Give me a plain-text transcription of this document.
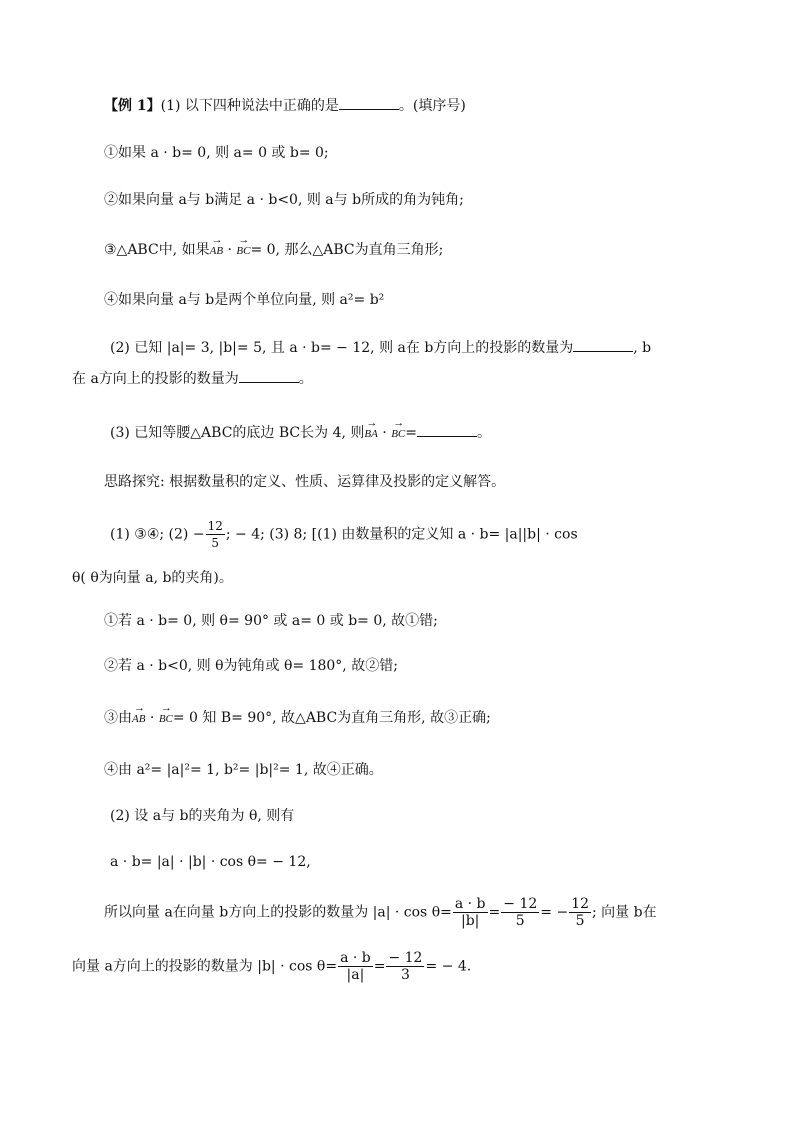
【例 1】(1) 以下四种说法中正确的是	。(填序号)
①如果 a · b= 0, 则 a= 0 或 b= 0;
②如果向量 a与 b满足 a · b<0, 则 a与 b所成的角为钝角;
③△ABC中, 如果→ AB · → BC= 0, 那么△ABC为直角三角形;
④如果向量 a与 b是两个单位向量, 则 a²= b²
(2) 已知 |a|= 3, |b|= 5, 且 a · b= − 12, 则 a在 b方向上的投影的数量为	, b
在 a方向上的投影的数量为	。
(3) 已知等腰△ABC的底边 BC长为 4, 则→ BA · → BC=	。
思路探究: 根据数量积的定义、性质、运算律及投影的定义解答。
(1) ③④; $(2) - \frac{12}{5}$ ; − 4; (3) 8; [(1) 由数量积的定义知 a · b= |a||b| · cos
θ( θ为向量 a, b的夹角)。
①若 a · b= 0, 则 θ= 90° 或 a= 0 或 b= 0, 故①错;
②若 a · b<0, 则 θ为钝角或 θ= 180°, 故②错;
③由→ AB · → BC= 0 知 B= 90°, 故△ABC为直角三角形, 故③正确;
④由 a²= |a|²= 1, b²= |b|²= 1, 故④正确。
(2) 设 a与 b的夹角为 θ, 则有
a · b= |a| · |b| · cos θ= − 12,
所以向量 a在向量 b方向上的投影的数量为 $|a| \cdot \cos \theta= \frac{a \cdot b}{|b|} = \frac{- 12}{5}$ = − $\frac{12}{5}$ ; 向量 b在
向量 a方向上的投影的数量为 $|b| \cdot \cos \theta= \frac{a \cdot b}{|a|} = \frac{- 12}{3}$ = − 4.
